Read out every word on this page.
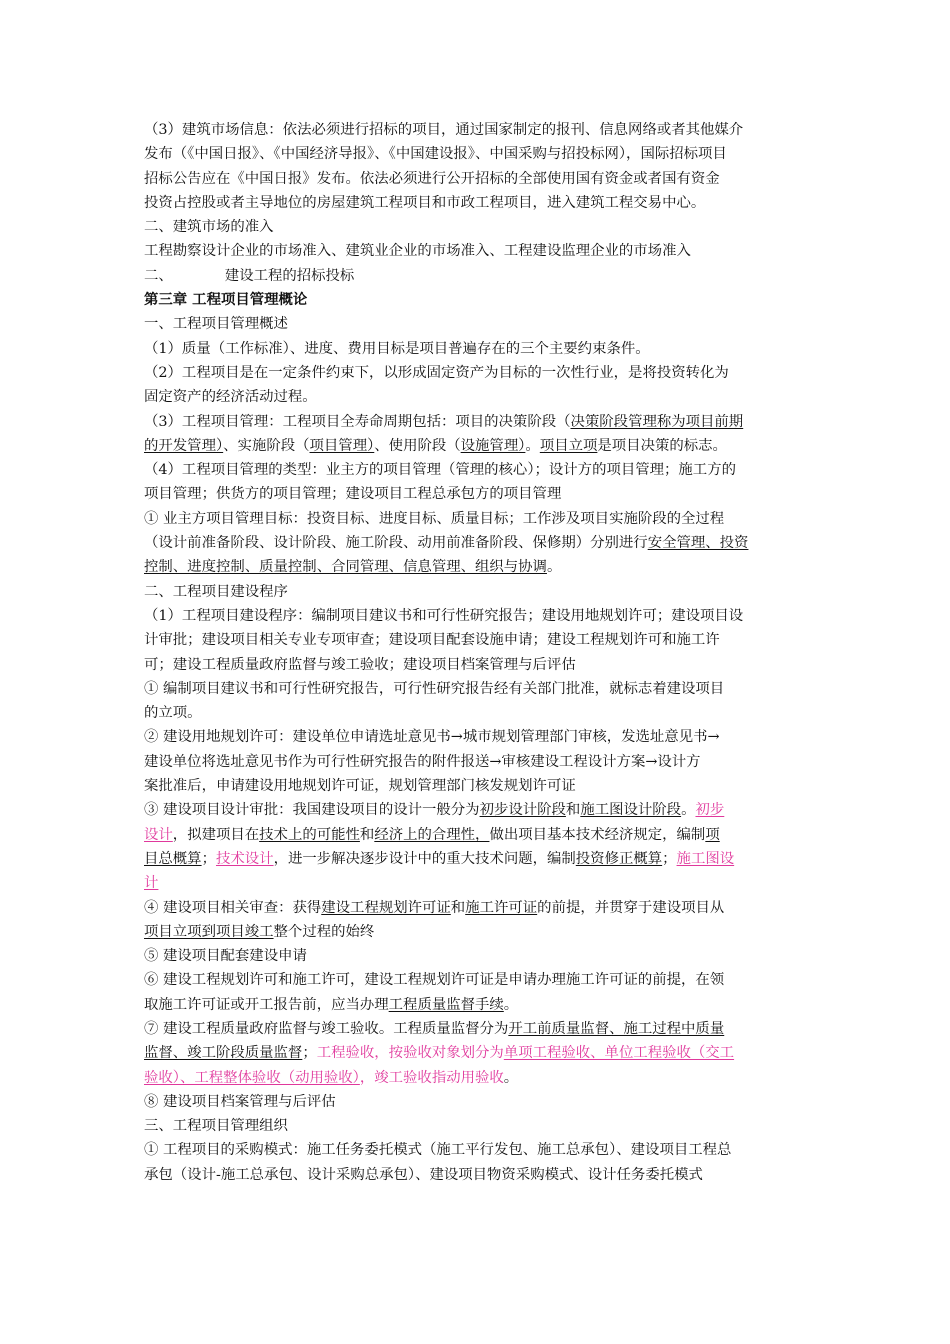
（3）建筑市场信息：依法必须进行招标的项目，通过国家制定的报刊、信息网络或者其他媒介
发布（《中国日报》、《中国经济导报》、《中国建设报》、中国采购与招投标网），国际招标项目
招标公告应在《中国日报》发布。依法必须进行公开招标的全部使用国有资金或者国有资金
投资占控股或者主导地位的房屋建筑工程项目和市政工程项目，进入建筑工程交易中心。
二、建筑市场的准入
工程勘察设计企业的市场准入、建筑业企业的市场准入、工程建设监理企业的市场准入
二、	建设工程的招标投标
第三章 工程项目管理概论
一、工程项目管理概述
（1）质量（工作标准）、进度、费用目标是项目普遍存在的三个主要约束条件。
（2）工程项目是在一定条件约束下，以形成固定资产为目标的一次性行业，是将投资转化为
固定资产的经济活动过程。
（3）工程项目管理：工程项目全寿命周期包括：项目的决策阶段（决策阶段管理称为项目前期
的开发管理）、实施阶段（项目管理）、使用阶段（设施管理）。项目立项是项目决策的标志。
（4）工程项目管理的类型：业主方的项目管理（管理的核心）；设计方的项目管理；施工方的
项目管理；供货方的项目管理；建设项目工程总承包方的项目管理
① 业主方项目管理目标：投资目标、进度目标、质量目标；工作涉及项目实施阶段的全过程
（设计前准备阶段、设计阶段、施工阶段、动用前准备阶段、保修期）分别进行安全管理、投资
控制、进度控制、质量控制、合同管理、信息管理、组织与协调。
二、工程项目建设程序
（1）工程项目建设程序：编制项目建议书和可行性研究报告；建设用地规划许可；建设项目设
计审批；建设项目相关专业专项审查；建设项目配套设施申请；建设工程规划许可和施工许
可；建设工程质量政府监督与竣工验收；建设项目档案管理与后评估
① 编制项目建议书和可行性研究报告，可行性研究报告经有关部门批准，就标志着建设项目
的立项。
② 建设用地规划许可：建设单位申请选址意见书→城市规划管理部门审核，发选址意见书→
建设单位将选址意见书作为可行性研究报告的附件报送→审核建设工程设计方案→设计方
案批准后，申请建设用地规划许可证，规划管理部门核发规划许可证
③ 建设项目设计审批：我国建设项目的设计一般分为初步设计阶段和施工图设计阶段。初步
设计，拟建项目在技术上的可能性和经济上的合理性，做出项目基本技术经济规定，编制项
目总概算；技术设计，进一步解决逐步设计中的重大技术问题，编制投资修正概算；施工图设
计
④ 建设项目相关审查：获得建设工程规划许可证和施工许可证的前提，并贯穿于建设项目从
项目立项到项目竣工整个过程的始终
⑤ 建设项目配套建设申请
⑥ 建设工程规划许可和施工许可，建设工程规划许可证是申请办理施工许可证的前提，在领
取施工许可证或开工报告前，应当办理工程质量监督手续。
⑦ 建设工程质量政府监督与竣工验收。工程质量监督分为开工前质量监督、施工过程中质量
监督、竣工阶段质量监督；工程验收，按验收对象划分为单项工程验收、单位工程验收（交工
验收）、工程整体验收（动用验收），竣工验收指动用验收。
⑧ 建设项目档案管理与后评估
三、工程项目管理组织
① 工程项目的采购模式：施工任务委托模式（施工平行发包、施工总承包）、建设项目工程总
承包（设计-施工总承包、设计采购总承包）、建设项目物资采购模式、设计任务委托模式
